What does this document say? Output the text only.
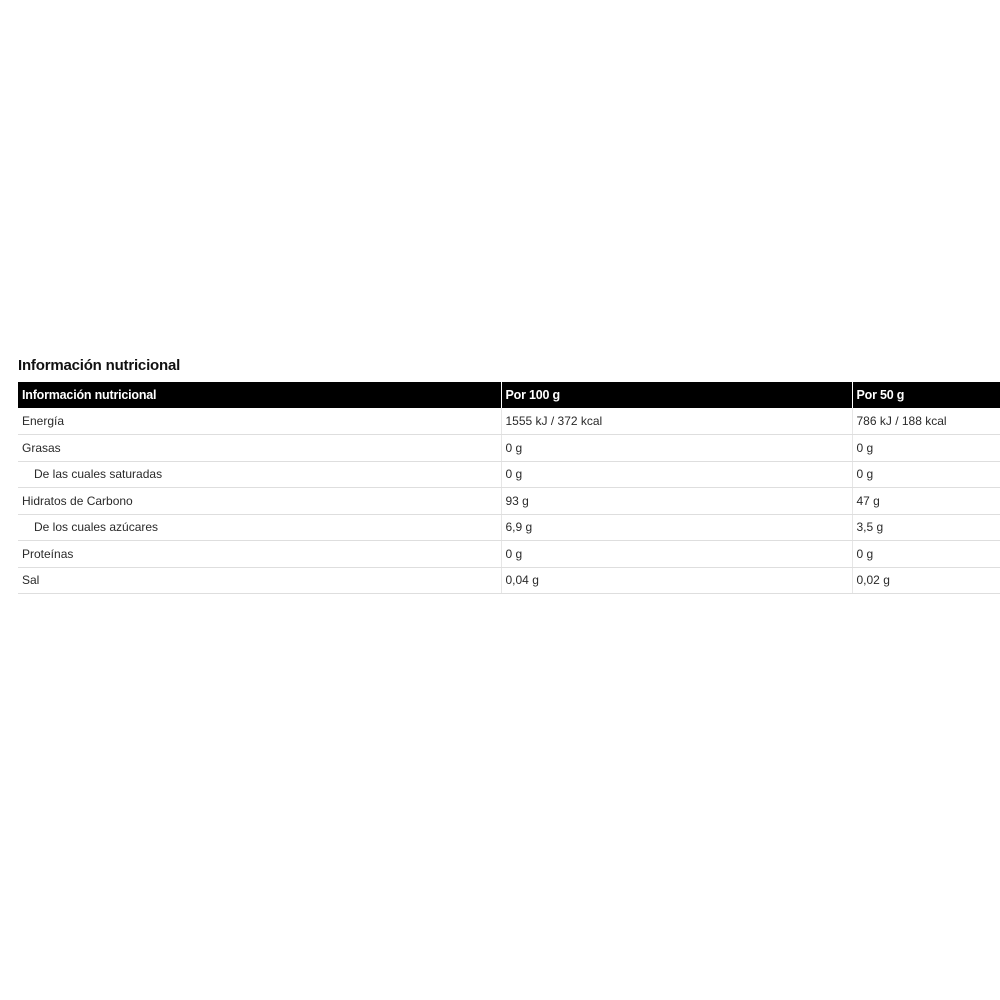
Información nutricional
Información nutricional	Por 100 g	Por 50 g
Energía	1555 kJ / 372 kcal	786 kJ / 188 kcal
Grasas	0 g	0 g
De las cuales saturadas	0 g	0 g
Hidratos de Carbono	93 g	47 g
De los cuales azúcares	6,9 g	3,5 g
Proteínas	0 g	0 g
Sal	0,04 g	0,02 g
